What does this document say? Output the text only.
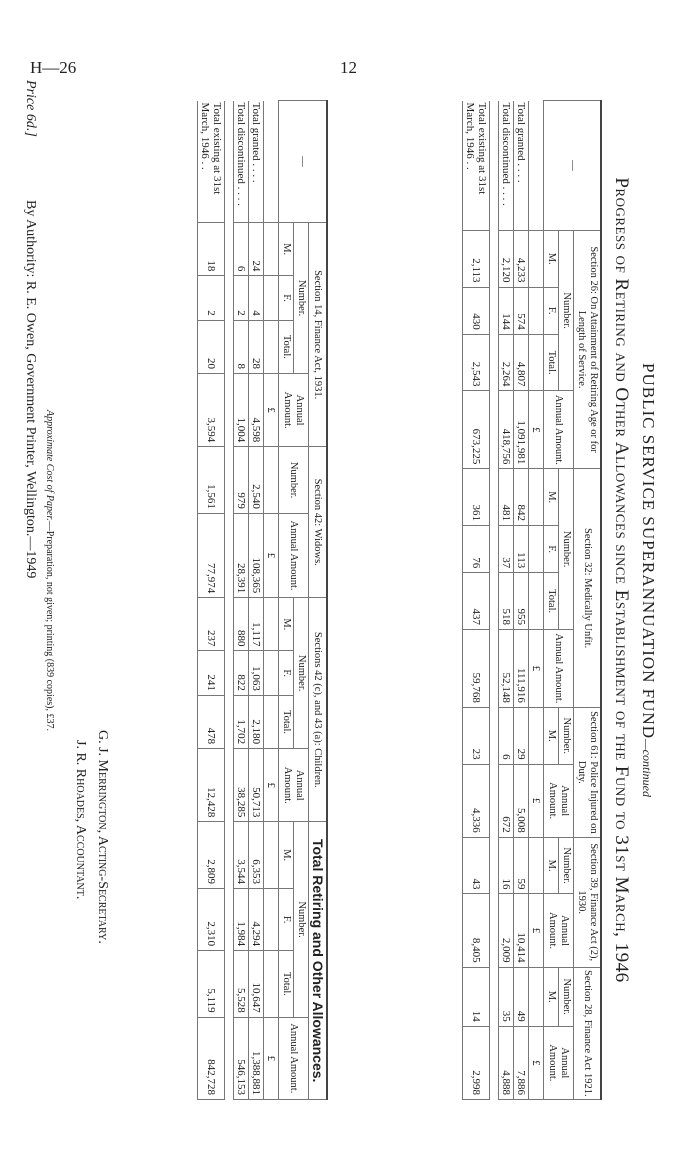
H—26	12
PUBLIC SERVICE SUPERANNUATION FUND—continued
Progress of Retiring and Other Allowances since Establishment of the Fund to 31st March, 1946
—	Section 26: On Attainment of Retiring Age or for Length of Service.				Section 32: Medically Unfit.				Section 61: Police Injured on Duty.		Section 39, Finance Act (2), 1930.		Section 28, Finance Act 1921.	
	Number.			Annual Amount.	Number.			Annual Amount.	Number.	Annual Amount.	Number.	Annual Amount.	Number.	Annual Amount.
	M.	F.	Total.		M.	F.	Total.		M.		M.		M.	
				£				£		£		£		£
Total granted . . . .	4,233	574	4,807	1,091,981	842	113	955	111,916	29	5,008	59	10,414	49	7,886
Total discontinued . . . .	2,120	144	2,264	418,756	481	37	518	52,148	6	672	16	2,009	35	4,888

Total existing at 31st March, 1946 . .	2,113	430	2,543	673,225	361	76	437	59,768	23	4,336	43	8,405	14	2,998
—	Section 14, Finance Act, 1931.				Section 42: Widows.		Sections 42 (c), and 43 (a): Children.				Total Retiring and Other Allowances.			
	Number.			Annual Amount.	Number.	Annual Amount.	Number.			Annual Amount.	Number.			Annual Amount.
	M.	F.	Total.				M.	F.	Total.		M.	F.	Total.	
				£		£				£				£
Total granted . . . .	24	4	28	4,598	2,540	108,365	1,117	1,063	2,180	50,713	6,353	4,294	10,647	1,388,881
Total discontinued . . . .	6	2	8	1,004	979	28,391	880	822	1,702	38,285	3,544	1,984	5,528	546,153

Total existing at 31st March, 1946 . .	18	2	20	3,594	1,561	77,974	237	241	478	12,428	2,809	2,310	5,119	842,728
G. J. Merrington, Acting-Secretary.
J. R. Rhoades, Accountant.
Approximate Cost of Paper.—Preparation, not given; printing (839 copies), £37.
Price 6d.]
By Authority: R. E. Owen, Government Printer, Wellington.—1949
